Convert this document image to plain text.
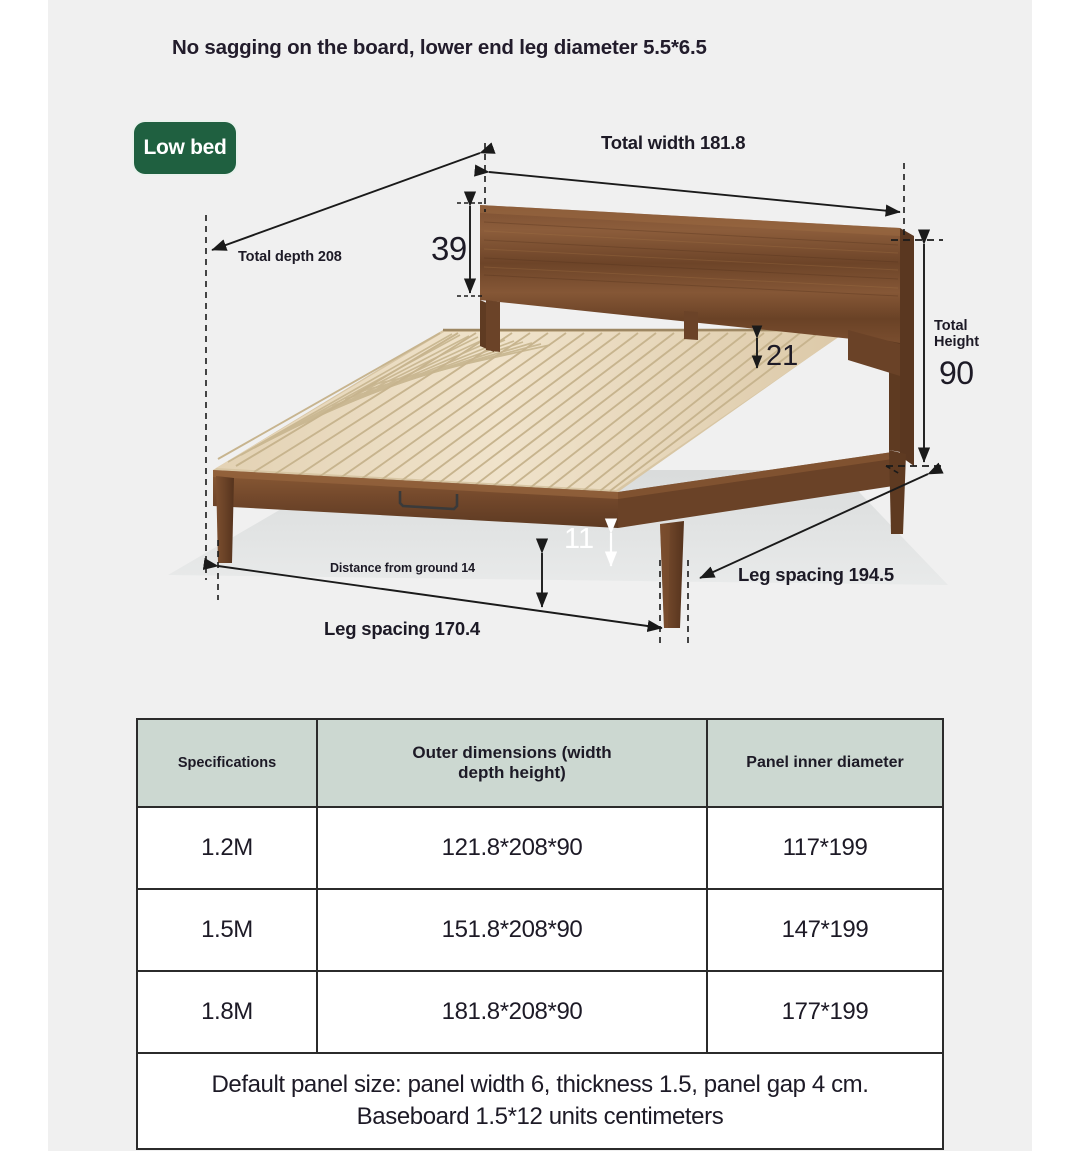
No sagging on the board, lower end leg diameter 5.5*6.5
Low bed	Total width 181.8
Total depth 208	39
21
Total
Height
90
11
Distance from ground 14
Leg spacing 170.4
Leg spacing 194.5
Specifications	Outer dimensions (width
depth height)	Panel inner diameter
1.2M	121.8*208*90	117*199
1.5M	151.8*208*90	147*199
1.8M	181.8*208*90	177*199
Default panel size: panel width 6, thickness 1.5, panel gap 4 cm.
Baseboard 1.5*12 units centimeters		
